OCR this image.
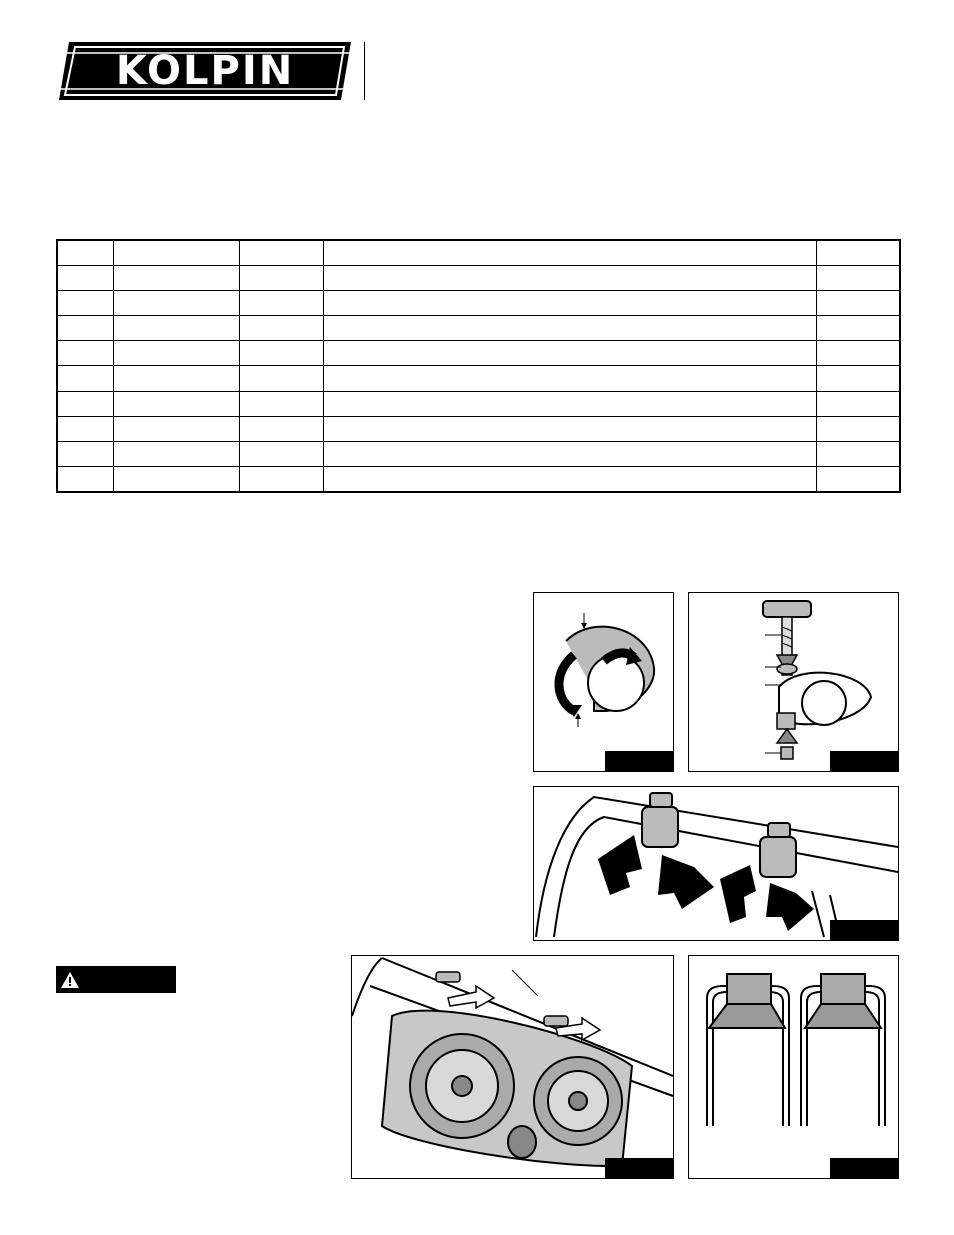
KOLPIN
